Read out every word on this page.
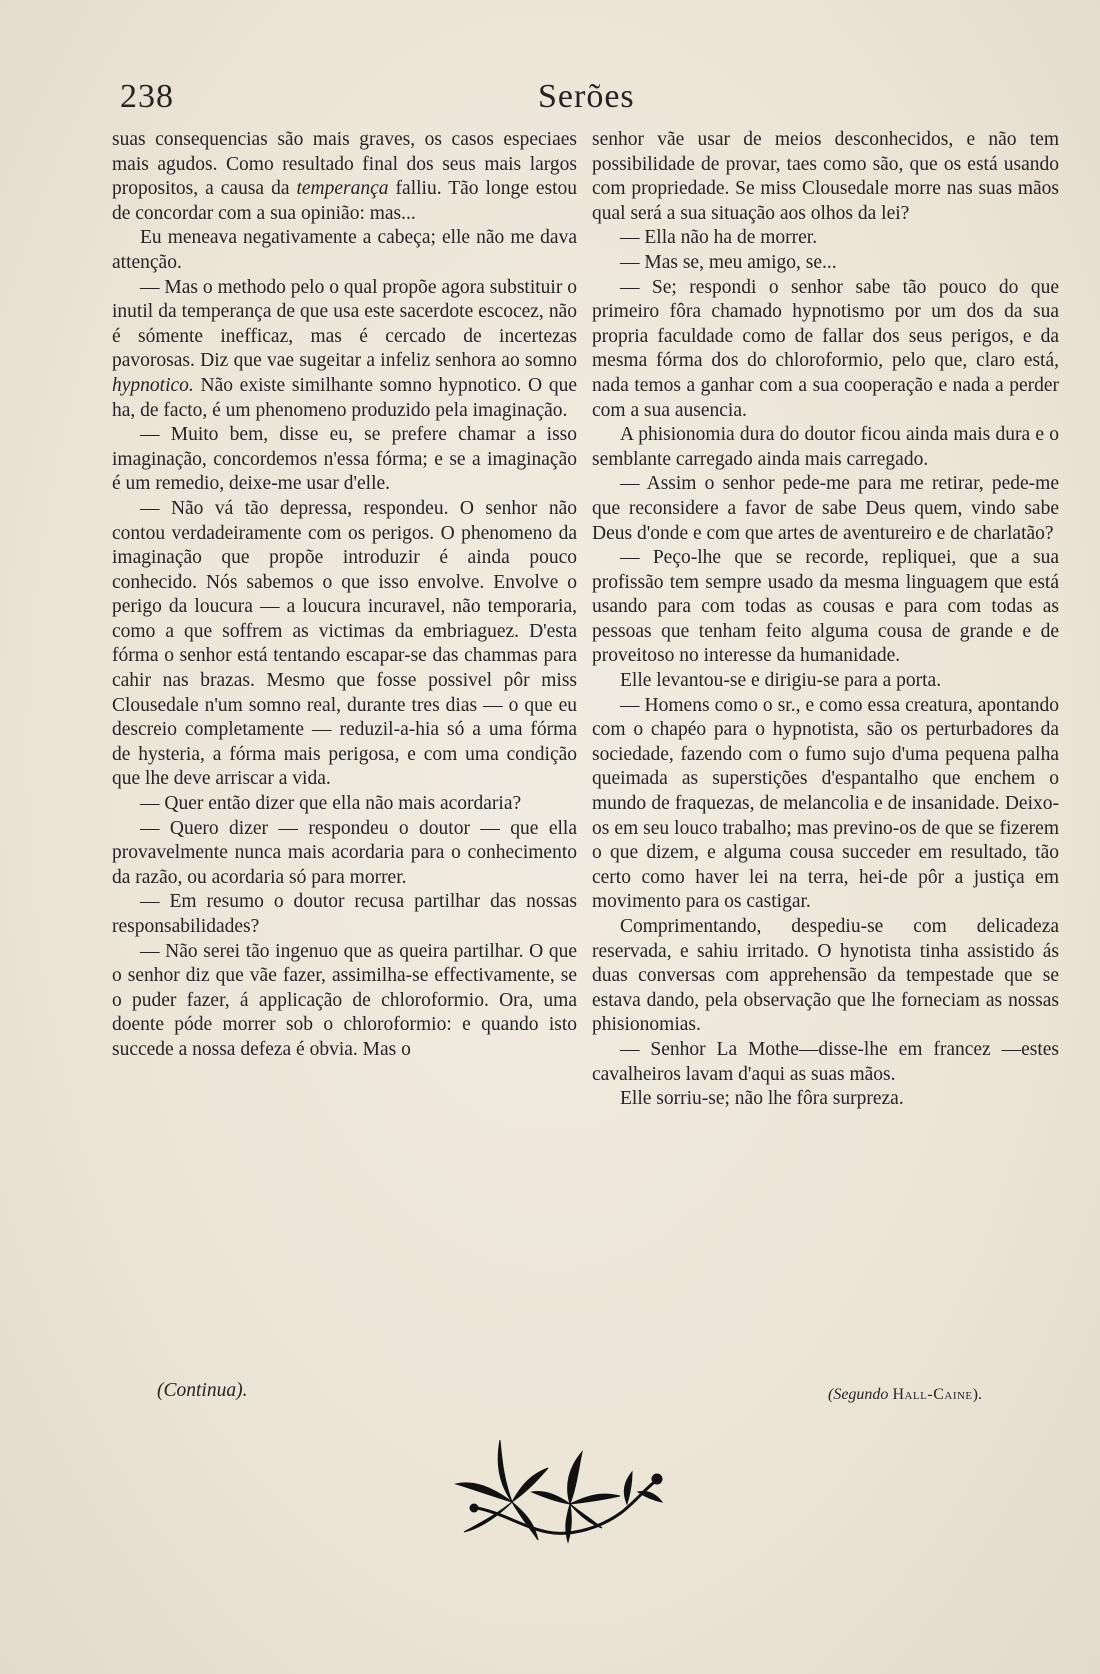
238	Serões

suas consequencias são mais graves, os casos especiaes mais agudos. Como resultado final dos seus mais largos propositos, a causa da temperança falliu. Tão longe estou de concordar com a sua opinião: mas...

Eu meneava negativamente a cabeça; elle não me dava attenção.

— Mas o methodo pelo o qual propõe agora substituir o inutil da temperança de que usa este sacerdote escocez, não é sómente inefficaz, mas é cercado de incertezas pavorosas. Diz que vae sugeitar a infeliz senhora ao somno hypnotico. Não existe similhante somno hypnotico. O que ha, de facto, é um phenomeno produzido pela imaginação.

— Muito bem, disse eu, se prefere chamar a isso imaginação, concordemos n'essa fórma; e se a imaginação é um remedio, deixe-me usar d'elle.

— Não vá tão depressa, respondeu. O senhor não contou verdadeiramente com os perigos. O phenomeno da imaginação que propõe introduzir é ainda pouco conhecido. Nós sabemos o que isso envolve. Envolve o perigo da loucura — a loucura incuravel, não temporaria, como a que soffrem as victimas da embriaguez. D'esta fórma o senhor está tentando escapar-se das chammas para cahir nas brazas. Mesmo que fosse possivel pôr miss Clousedale n'um somno real, durante tres dias — o que eu descreio completamente — reduzil-a-hia só a uma fórma de hysteria, a fórma mais perigosa, e com uma condição que lhe deve arriscar a vida.

— Quer então dizer que ella não mais acordaria?

— Quero dizer — respondeu o doutor — que ella provavelmente nunca mais acordaria para o conhecimento da razão, ou acordaria só para morrer.

— Em resumo o doutor recusa partilhar das nossas responsabilidades?

— Não serei tão ingenuo que as queira partilhar. O que o senhor diz que vãe fazer, assimilha-se effectivamente, se o puder fazer, á applicação de chloroformio. Ora, uma doente póde morrer sob o chloroformio: e quando isto succede a nossa defeza é obvia. Mas o

senhor vãe usar de meios desconhecidos, e não tem possibilidade de provar, taes como são, que os está usando com propriedade. Se miss Clousedale morre nas suas mãos qual será a sua situação aos olhos da lei?

— Ella não ha de morrer.

— Mas se, meu amigo, se...

— Se; respondi o senhor sabe tão pouco do que primeiro fôra chamado hypnotismo por um dos da sua propria faculdade como de fallar dos seus perigos, e da mesma fórma dos do chloroformio, pelo que, claro está, nada temos a ganhar com a sua cooperação e nada a perder com a sua ausencia.

A phisionomia dura do doutor ficou ainda mais dura e o semblante carregado ainda mais carregado.

— Assim o senhor pede-me para me retirar, pede-me que reconsidere a favor de sabe Deus quem, vindo sabe Deus d'onde e com que artes de aventureiro e de charlatão?

— Peço-lhe que se recorde, repliquei, que a sua profissão tem sempre usado da mesma linguagem que está usando para com todas as cousas e para com todas as pessoas que tenham feito alguma cousa de grande e de proveitoso no interesse da humanidade.

Elle levantou-se e dirigiu-se para a porta.

— Homens como o sr., e como essa creatura, apontando com o chapéo para o hypnotista, são os perturbadores da sociedade, fazendo com o fumo sujo d'uma pequena palha queimada as superstições d'espantalho que enchem o mundo de fraquezas, de melancolia e de insanidade. Deixo-os em seu louco trabalho; mas previno-os de que se fizerem o que dizem, e alguma cousa succeder em resultado, tão certo como haver lei na terra, hei-de pôr a justiça em movimento para os castigar.

Comprimentando, despediu-se com delicadeza reservada, e sahiu irritado. O hynotista tinha assistido ás duas conversas com apprehensão da tempestade que se estava dando, pela observação que lhe forneciam as nossas phisionomias.

— Senhor La Mothe—disse-lhe em francez —estes cavalheiros lavam d'aqui as suas mãos.

Elle sorriu-se; não lhe fôra surpreza.

(Continua).	(Segundo Hall-Caine).
